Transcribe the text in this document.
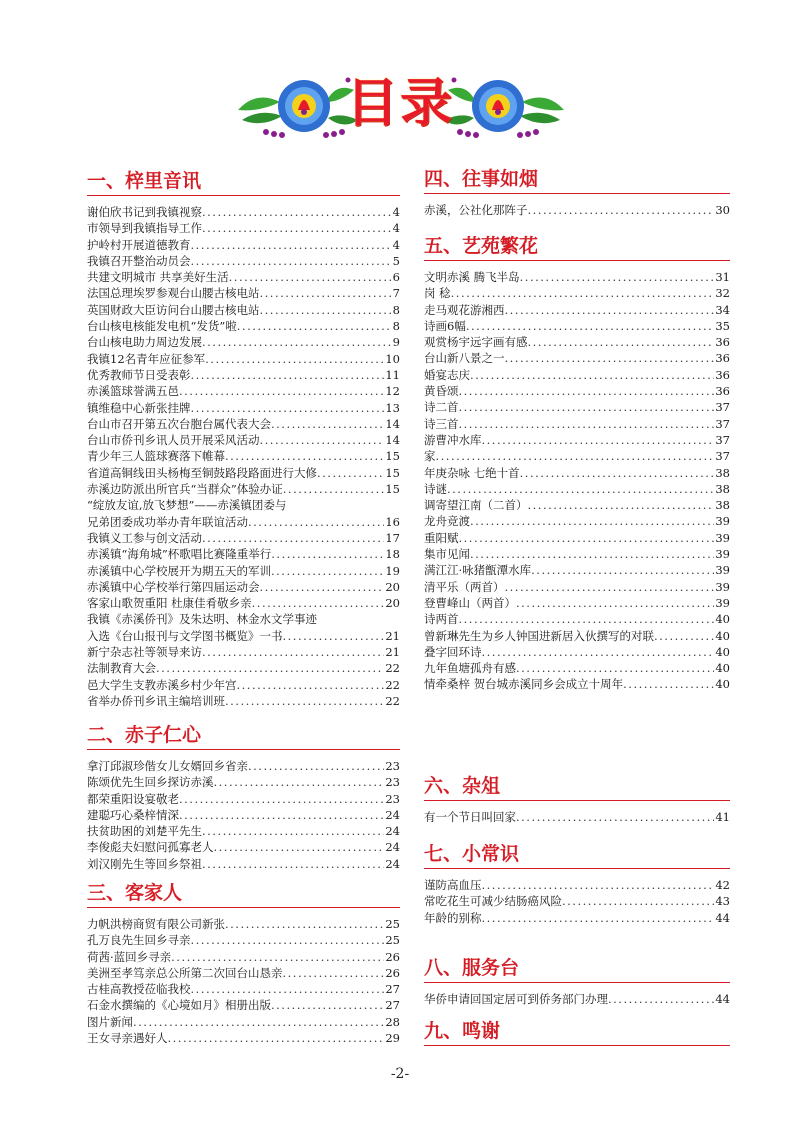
目录
一、梓里音讯
谢伯欣书记到我镇视察 .....	4
市领导到我镇指导工作 .....	4
护岭村开展道德教育 .....	4
我镇召开整治动员会 .....	5
共建文明城市 共享美好生活 .....	6
法国总理埃罗参观台山腰古核电站 .....	7
英国财政大臣访问台山腰古核电站 .....	8
台山核电核能发电机“发货”啦 .....	8
台山核电助力周边发展 .....	9
我镇12名青年应征参军 .....	10
优秀教师节日受表彰 .....	11
赤溪篮球誉满五邑 .....	12
镇维稳中心新张挂牌 .....	13
台山市召开第五次台胞台属代表大会 .....	14
台山市侨刊乡讯人员开展采风活动 .....	14
青少年三人篮球赛落下帷幕 .....	15
省道高铜线田头杨梅至铜鼓路段路面进行大修 .....	15
赤溪边防派出所官兵“当群众”体验办证 .....	15
“绽放友谊,放飞梦想”——赤溪镇团委与
兄弟团委成功举办青年联谊活动 .....	16
我镇义工参与创文活动 .....	17
赤溪镇“海角城”杯歌唱比赛隆重举行 .....	18
赤溪镇中心学校展开为期五天的军训 .....	19
赤溪镇中心学校举行第四届运动会 .....	20
客家山歌贺重阳 杜康佳肴敬乡亲 .....	20
我镇《赤溪侨刊》及朱达明、林金水文学事迹
入选《台山报刊与文学图书概览》一书 .....	21
新宁杂志社等领导来访 .....	21
法制教育大会 .....	22
邑大学生支教赤溪乡村少年宫 .....	22
省举办侨刊乡讯主编培训班 .....	22
二、赤子仁心
拿汀邱淑珍偕女儿女婿回乡省亲 .....	23
陈颂优先生回乡探访赤溪 .....	23
都荣重阳设宴敬老 .....	23
建聪巧心桑梓情深 .....	24
扶贫助困的刘楚平先生 .....	24
李俊彪夫妇慰问孤寡老人 .....	24
刘汉刚先生等回乡祭祖 .....	24
三、客家人
力帆洪榜商贸有限公司新张 .....	25
孔万良先生回乡寻亲 .....	25
荷茜·蓝回乡寻亲 .....	26
美洲至孝笃亲总公所第二次回台山恳亲 .....	26
古桂高教授莅临我校 .....	27
石金水撰编的《心境如月》相册出版 .....	27
图片新闻 .....	28
王女寻亲遇好人 .....	29
四、往事如烟
赤溪，公社化那阵子 .....	30
五、艺苑繁花
文明赤溪 腾飞半岛 .....	31
岗 稔 .....	32
走马观花游湘西 .....	34
诗画6幅 .....	35
观赏杨宇远字画有感 .....	36
台山新八景之一 .....	36
婚宴志庆 .....	36
黄昏颂 .....	36
诗二首 .....	37
诗三首 .....	37
游曹冲水库 .....	37
家 .....	37
年庚杂咏 七绝十首 .....	38
诗谜 .....	38
调寄望江南（二首） .....	38
龙舟竞渡 .....	39
重阳赋 .....	39
集市见闻 .....	39
满江江·咏猪甑潭水库 .....	39
清平乐（两首） .....	39
登曹峰山（两首） .....	39
诗两首 .....	40
曾新琳先生为乡人钟国进新居入伙撰写的对联 .....	40
叠字回环诗 .....	40
九年鱼塘孤舟有感 .....	40
情牵桑梓 贺台城赤溪同乡会成立十周年 .....	40
六、杂俎
有一个节日叫回家 .....	41
七、小常识
谨防高血压 .....	42
常吃花生可减少结肠癌风险 .....	43
年龄的别称 .....	44
八、服务台
华侨申请回国定居可到侨务部门办理 .....	44
九、鸣谢
-2-
